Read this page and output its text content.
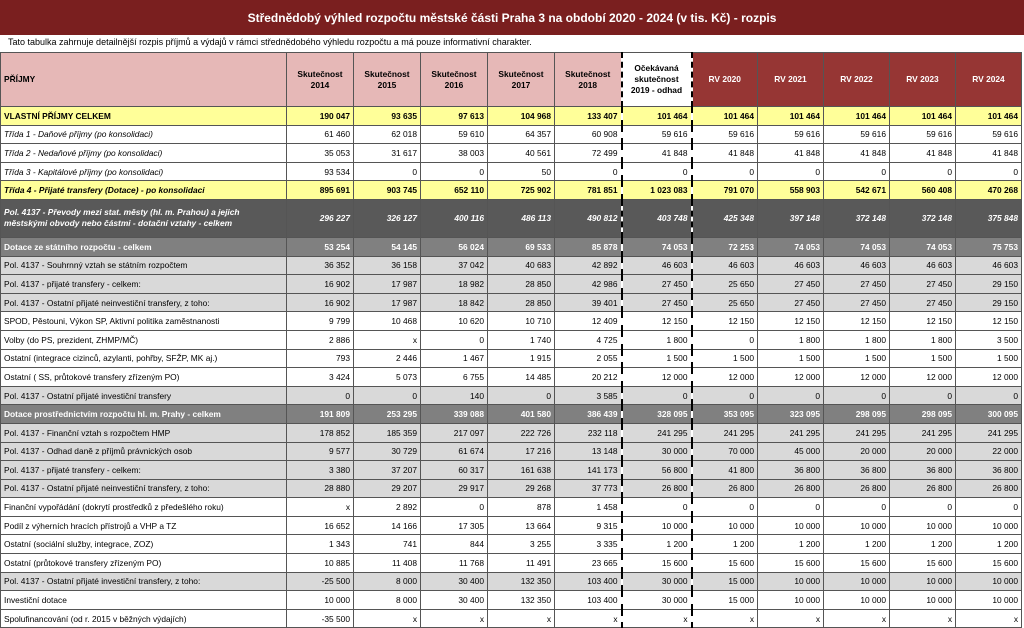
Střednědobý výhled rozpočtu městské části Praha 3 na období 2020 - 2024 (v tis. Kč) - rozpis
Tato tabulka zahrnuje detailnější rozpis příjmů a výdajů v rámci střednědobého výhledu rozpočtu a má pouze informativní charakter.
PŘÍJMY	Skutečnost 2014	Skutečnost 2015	Skutečnost 2016	Skutečnost 2017	Skutečnost 2018	Očekávaná skutečnost 2019 - odhad	RV 2020	RV 2021	RV 2022	RV 2023	RV 2024
VLASTNÍ PŘÍJMY CELKEM	190 047	93 635	97 613	104 968	133 407	101 464	101 464	101 464	101 464	101 464	101 464
Třída 1 - Daňové příjmy (po konsolidaci)	61 460	62 018	59 610	64 357	60 908	59 616	59 616	59 616	59 616	59 616	59 616
Třída 2 - Nedaňové příjmy (po konsolidaci)	35 053	31 617	38 003	40 561	72 499	41 848	41 848	41 848	41 848	41 848	41 848
Třída 3 - Kapitálové příjmy (po konsolidaci)	93 534	0	0	50	0	0	0	0	0	0	0
Třída 4 - Přijaté transfery (Dotace) - po konsolidaci	895 691	903 745	652 110	725 902	781 851	1 023 083	791 070	558 903	542 671	560 408	470 268
Pol. 4137 - Převody mezi stat. městy (hl. m. Prahou) a jejich městskými obvody nebo částmi - dotační vztahy - celkem	296 227	326 127	400 116	486 113	490 812	403 748	425 348	397 148	372 148	372 148	375 848
Dotace ze státního rozpočtu - celkem	53 254	54 145	56 024	69 533	85 878	74 053	72 253	74 053	74 053	74 053	75 753
Pol. 4137 - Souhrnný vztah se státním rozpočtem	36 352	36 158	37 042	40 683	42 892	46 603	46 603	46 603	46 603	46 603	46 603
Pol. 4137 - přijaté transfery - celkem:	16 902	17 987	18 982	28 850	42 986	27 450	25 650	27 450	27 450	27 450	29 150
Pol. 4137 - Ostatní přijaté neinvestiční transfery, z toho:	16 902	17 987	18 842	28 850	39 401	27 450	25 650	27 450	27 450	27 450	29 150
SPOD, Pěstouni, Výkon SP, Aktivní politika zaměstnanosti	9 799	10 468	10 620	10 710	12 409	12 150	12 150	12 150	12 150	12 150	12 150
Volby (do PS, prezident, ZHMP/MČ)	2 886	x	0	1 740	4 725	1 800	0	1 800	1 800	1 800	3 500
Ostatní (integrace cizinců, azylanti, pohřby, SFŽP, MK aj.)	793	2 446	1 467	1 915	2 055	1 500	1 500	1 500	1 500	1 500	1 500
Ostatní ( SS, průtokové transfery zřízeným PO)	3 424	5 073	6 755	14 485	20 212	12 000	12 000	12 000	12 000	12 000	12 000
Pol. 4137 - Ostatní přijaté investiční transfery	0	0	140	0	3 585	0	0	0	0	0	0
Dotace prostřednictvím rozpočtu hl. m. Prahy - celkem	191 809	253 295	339 088	401 580	386 439	328 095	353 095	323 095	298 095	298 095	300 095
Pol. 4137 - Finanční vztah s rozpočtem HMP	178 852	185 359	217 097	222 726	232 118	241 295	241 295	241 295	241 295	241 295	241 295
Pol. 4137 - Odhad daně z příjmů právnických osob	9 577	30 729	61 674	17 216	13 148	30 000	70 000	45 000	20 000	20 000	22 000
Pol. 4137 - přijaté transfery - celkem:	3 380	37 207	60 317	161 638	141 173	56 800	41 800	36 800	36 800	36 800	36 800
Pol. 4137 - Ostatní přijaté neinvestiční transfery, z toho:	28 880	29 207	29 917	29 268	37 773	26 800	26 800	26 800	26 800	26 800	26 800
Finanční vypořádání (dokrytí prostředků z předešlého roku)	x	2 892	0	878	1 458	0	0	0	0	0	0
Podíl z výherních hracích přístrojů a VHP a TZ	16 652	14 166	17 305	13 664	9 315	10 000	10 000	10 000	10 000	10 000	10 000
Ostatní (sociální služby, integrace, ZOZ)	1 343	741	844	3 255	3 335	1 200	1 200	1 200	1 200	1 200	1 200
Ostatní (průtokové transfery zřízeným PO)	10 885	11 408	11 768	11 491	23 665	15 600	15 600	15 600	15 600	15 600	15 600
Pol. 4137 - Ostatní přijaté investiční transfery, z toho:	-25 500	8 000	30 400	132 350	103 400	30 000	15 000	10 000	10 000	10 000	10 000
Investiční dotace	10 000	8 000	30 400	132 350	103 400	30 000	15 000	10 000	10 000	10 000	10 000
Spolufinancování (od r. 2015 v běžných výdajích)	-35 500	x	x	x	x	x	x	x	x	x	x
